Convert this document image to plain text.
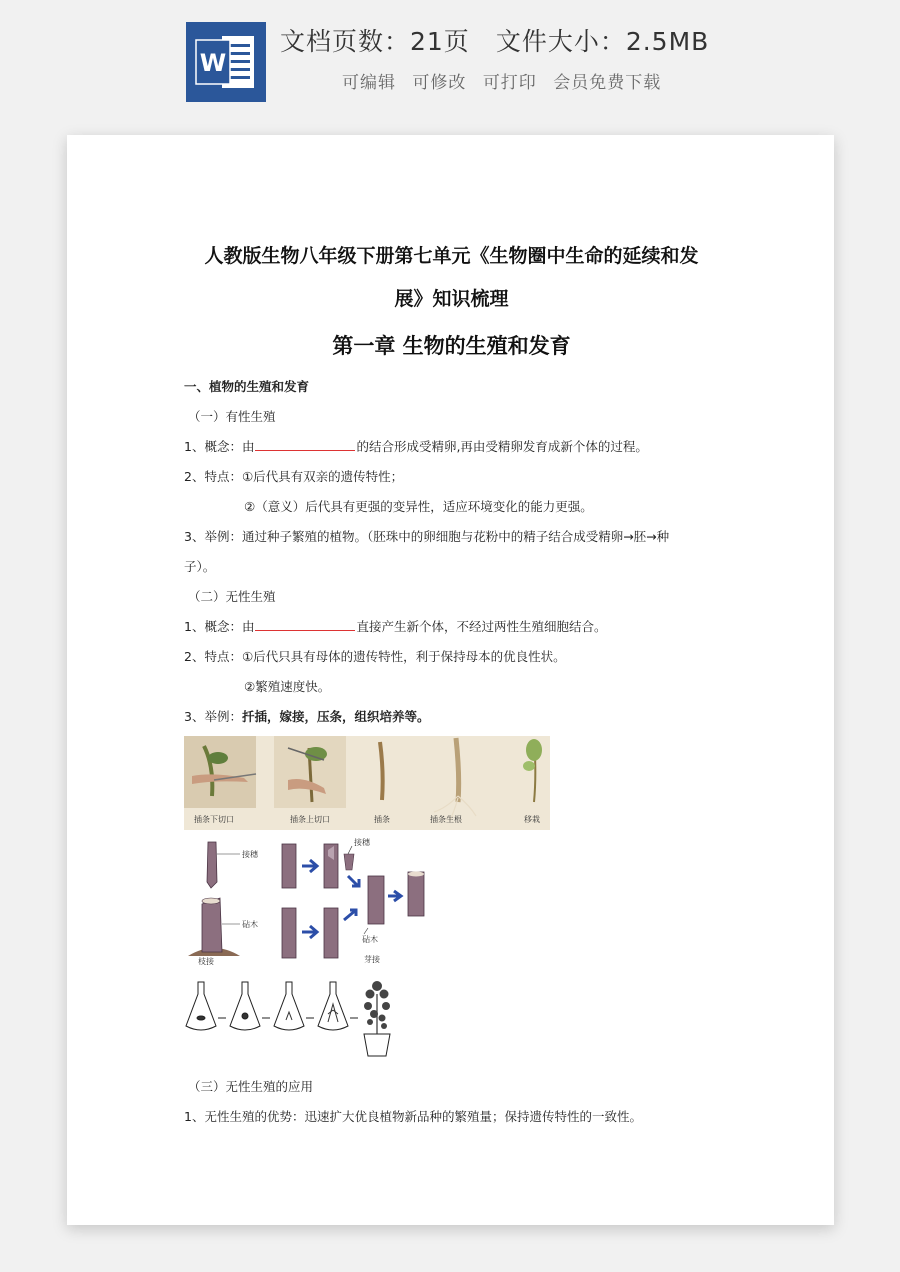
W
文档页数：21页 文件大小：2.5MB
可编辑 可修改 可打印 会员免费下载

人教版生物八年级下册第七单元《生物圈中生命的延续和发

展》知识梳理

第一章 生物的生殖和发育

一、植物的生殖和发育

（一）有性生殖

1、概念：由	的结合形成受精卵,再由受精卵发育成新个体的过程。

2、特点：①后代具有双亲的遗传特性；

②（意义）后代具有更强的变异性，适应环境变化的能力更强。

3、举例：通过种子繁殖的植物。（胚珠中的卵细胞与花粉中的精子结合成受精卵→胚→种

子）。

（二）无性生殖

1、概念：由	直接产生新个体，不经过两性生殖细胞结合。

2、特点：①后代只具有母体的遗传特性，利于保持母本的优良性状。

②繁殖速度快。

3、举例：扦插，嫁接，压条，组织培养等。

插条下切口	插条上切口	插条	插条生根	移栽
接穗
砧木
枝接
接穗
砧木
芽接

（三）无性生殖的应用

1、无性生殖的优势：迅速扩大优良植物新品种的繁殖量；保持遗传特性的一致性。
